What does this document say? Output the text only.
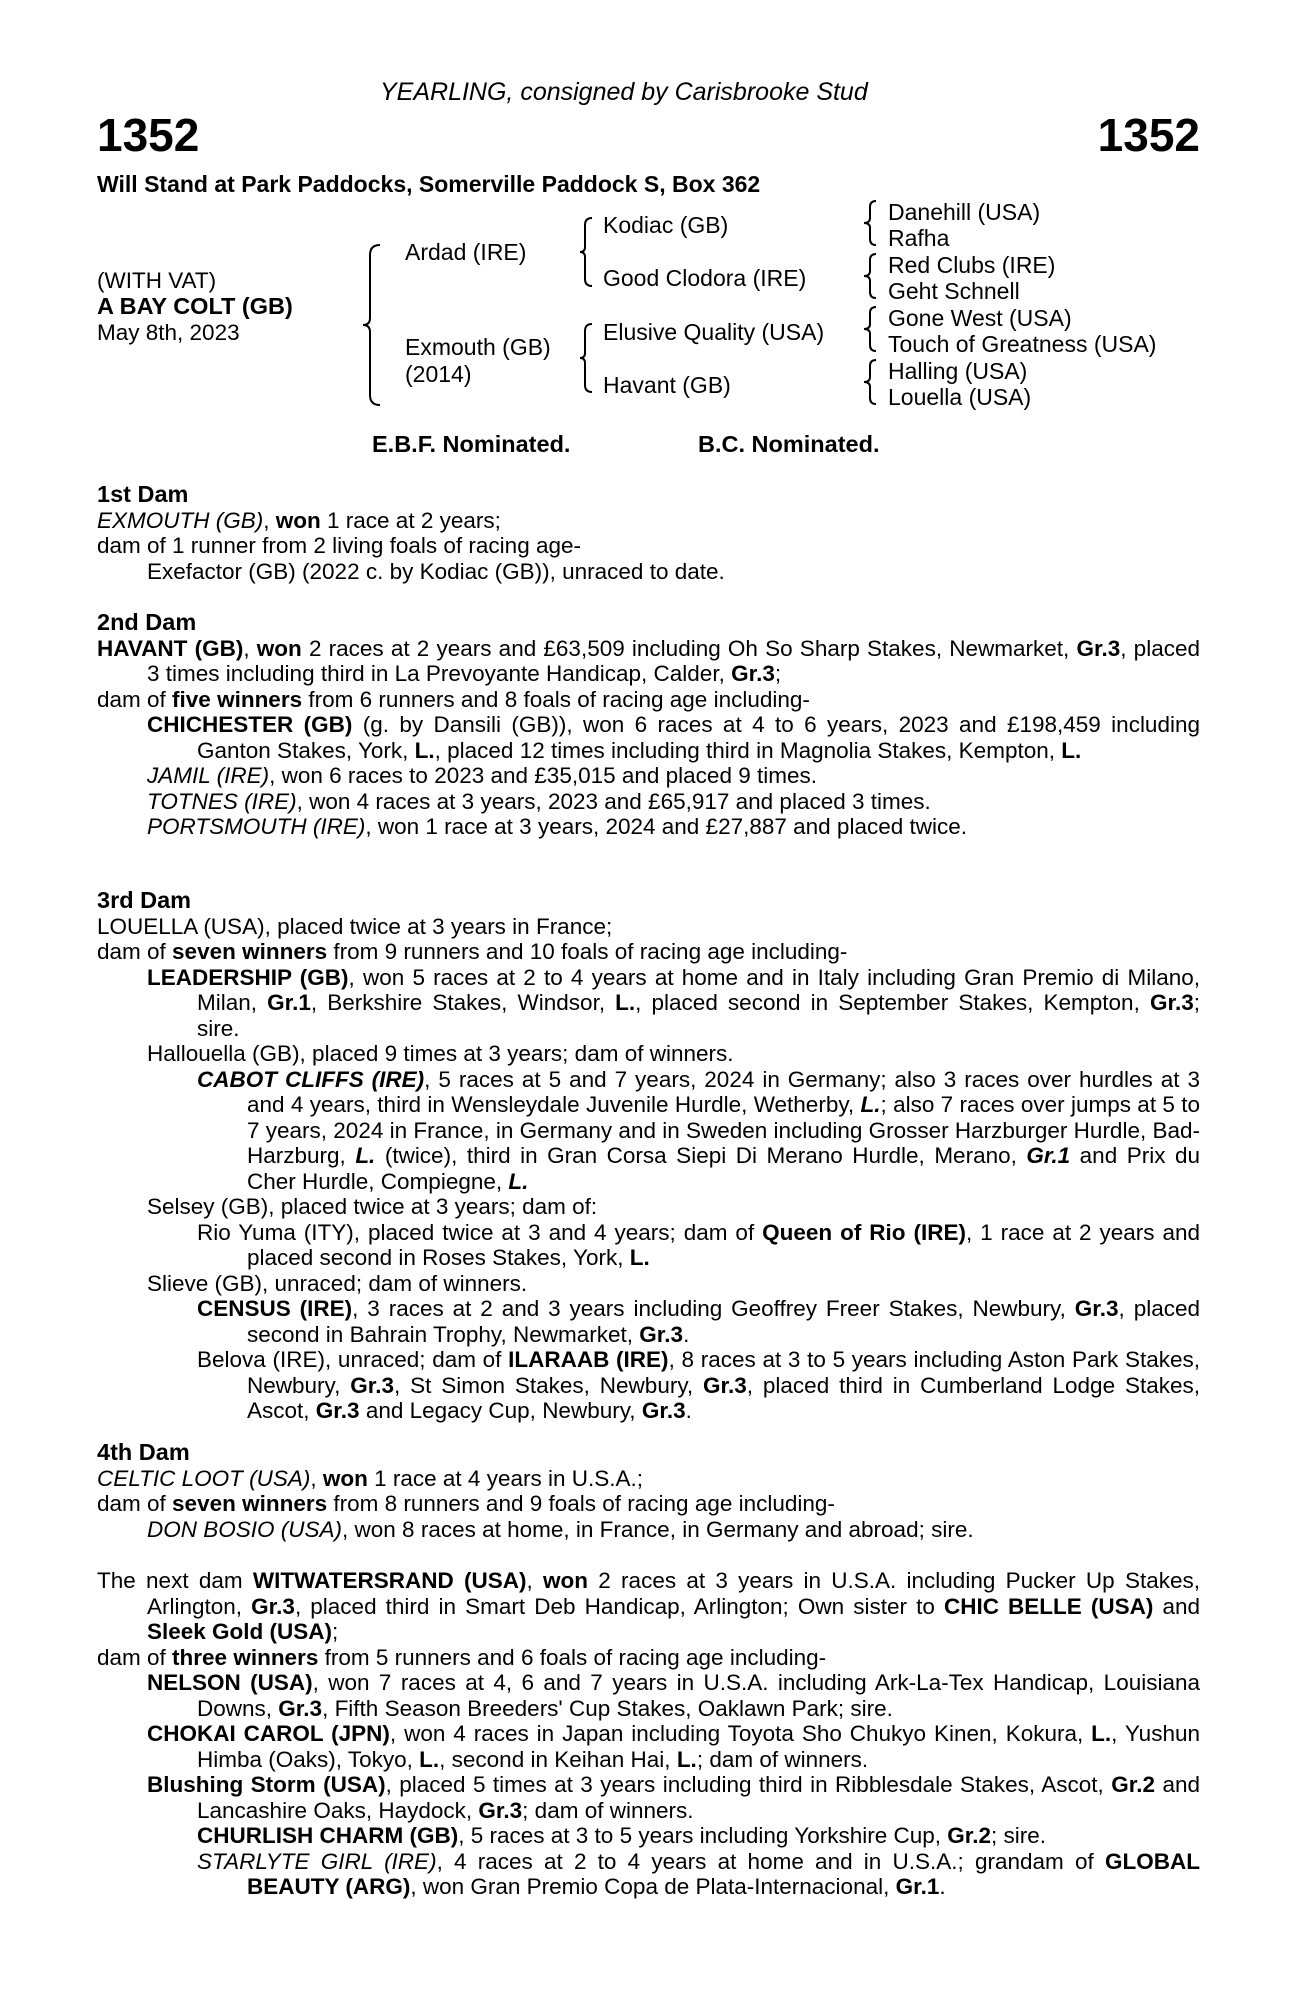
YEARLING, consigned by Carisbrooke Stud
1352	1352
Will Stand at Park Paddocks, Somerville Paddock S, Box 362
(WITH VAT)
A BAY COLT (GB)
May 8th, 2023
Ardad (IRE)
Exmouth (GB)
(2014)
Kodiac (GB)
Good Clodora (IRE)
Elusive Quality (USA)
Havant (GB)
Danehill (USA)
Rafha
Red Clubs (IRE)
Geht Schnell
Gone West (USA)
Touch of Greatness (USA)
Halling (USA)
Louella (USA)
E.B.F. Nominated.	B.C. Nominated.
1st Dam
EXMOUTH (GB), won 1 race at 2 years;
dam of 1 runner from 2 living foals of racing age-
Exefactor (GB) (2022 c. by Kodiac (GB)), unraced to date.
2nd Dam
HAVANT (GB), won 2 races at 2 years and £63,509 including Oh So Sharp Stakes, Newmarket, Gr.3, placed 3 times including third in La Prevoyante Handicap, Calder, Gr.3;
dam of five winners from 6 runners and 8 foals of racing age including-
CHICHESTER (GB) (g. by Dansili (GB)), won 6 races at 4 to 6 years, 2023 and £198,459 including Ganton Stakes, York, L., placed 12 times including third in Magnolia Stakes, Kempton, L.
JAMIL (IRE), won 6 races to 2023 and £35,015 and placed 9 times.
TOTNES (IRE), won 4 races at 3 years, 2023 and £65,917 and placed 3 times.
PORTSMOUTH (IRE), won 1 race at 3 years, 2024 and £27,887 and placed twice.
3rd Dam
LOUELLA (USA), placed twice at 3 years in France;
dam of seven winners from 9 runners and 10 foals of racing age including-
LEADERSHIP (GB), won 5 races at 2 to 4 years at home and in Italy including Gran Premio di Milano, Milan, Gr.1, Berkshire Stakes, Windsor, L., placed second in September Stakes, Kempton, Gr.3; sire.
Hallouella (GB), placed 9 times at 3 years; dam of winners.
CABOT CLIFFS (IRE), 5 races at 5 and 7 years, 2024 in Germany; also 3 races over hurdles at 3 and 4 years, third in Wensleydale Juvenile Hurdle, Wetherby, L.; also 7 races over jumps at 5 to 7 years, 2024 in France, in Germany and in Sweden including Grosser Harzburger Hurdle, Bad-Harzburg, L. (twice), third in Gran Corsa Siepi Di Merano Hurdle, Merano, Gr.1 and Prix du Cher Hurdle, Compiegne, L.
Selsey (GB), placed twice at 3 years; dam of:
Rio Yuma (ITY), placed twice at 3 and 4 years; dam of Queen of Rio (IRE), 1 race at 2 years and placed second in Roses Stakes, York, L.
Slieve (GB), unraced; dam of winners.
CENSUS (IRE), 3 races at 2 and 3 years including Geoffrey Freer Stakes, Newbury, Gr.3, placed second in Bahrain Trophy, Newmarket, Gr.3.
Belova (IRE), unraced; dam of ILARAAB (IRE), 8 races at 3 to 5 years including Aston Park Stakes, Newbury, Gr.3, St Simon Stakes, Newbury, Gr.3, placed third in Cumberland Lodge Stakes, Ascot, Gr.3 and Legacy Cup, Newbury, Gr.3.
4th Dam
CELTIC LOOT (USA), won 1 race at 4 years in U.S.A.;
dam of seven winners from 8 runners and 9 foals of racing age including-
DON BOSIO (USA), won 8 races at home, in France, in Germany and abroad; sire.
The next dam WITWATERSRAND (USA), won 2 races at 3 years in U.S.A. including Pucker Up Stakes, Arlington, Gr.3, placed third in Smart Deb Handicap, Arlington; Own sister to CHIC BELLE (USA) and Sleek Gold (USA);
dam of three winners from 5 runners and 6 foals of racing age including-
NELSON (USA), won 7 races at 4, 6 and 7 years in U.S.A. including Ark-La-Tex Handicap, Louisiana Downs, Gr.3, Fifth Season Breeders' Cup Stakes, Oaklawn Park; sire.
CHOKAI CAROL (JPN), won 4 races in Japan including Toyota Sho Chukyo Kinen, Kokura, L., Yushun Himba (Oaks), Tokyo, L., second in Keihan Hai, L.; dam of winners.
Blushing Storm (USA), placed 5 times at 3 years including third in Ribblesdale Stakes, Ascot, Gr.2 and Lancashire Oaks, Haydock, Gr.3; dam of winners.
CHURLISH CHARM (GB), 5 races at 3 to 5 years including Yorkshire Cup, Gr.2; sire.
STARLYTE GIRL (IRE), 4 races at 2 to 4 years at home and in U.S.A.; grandam of GLOBAL BEAUTY (ARG), won Gran Premio Copa de Plata-Internacional, Gr.1.
